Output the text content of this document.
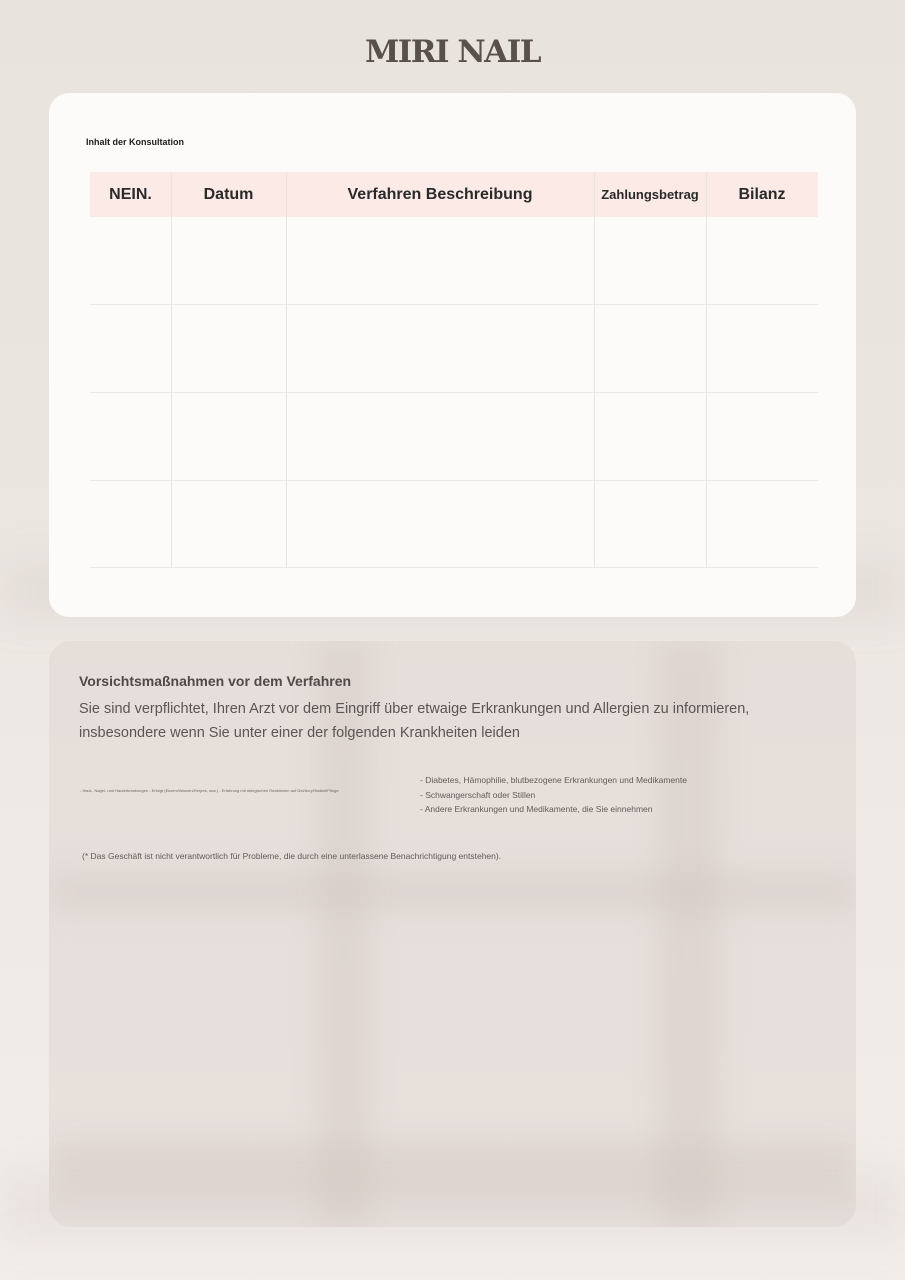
MIRI NAIL
Inhalt der Konsultation
NEIN.	Datum	Verfahren Beschreibung	Zahlungsbetrag	Bilanz
Vorsichtsmaßnahmen vor dem Verfahren
Sie sind verpflichtet, Ihren Arzt vor dem Eingriff über etwaige Erkrankungen und Allergien zu informieren, insbesondere wenn Sie unter einer der folgenden Krankheiten leiden
- Haut-, Nagel- und Hauterkrankungen - Erfolgt (Ekzem/Warzen/Herpes, usw.) - Erfahrung mit allergischen Reaktionen auf Gel/Acryl/Nailart/Pflege
- Diabetes, Hämophilie, blutbezogene Erkrankungen und Medikamente
- Schwangerschaft oder Stillen
- Andere Erkrankungen und Medikamente, die Sie einnehmen
(* Das Geschäft ist nicht verantwortlich für Probleme, die durch eine unterlassene Benachrichtigung entstehen).
